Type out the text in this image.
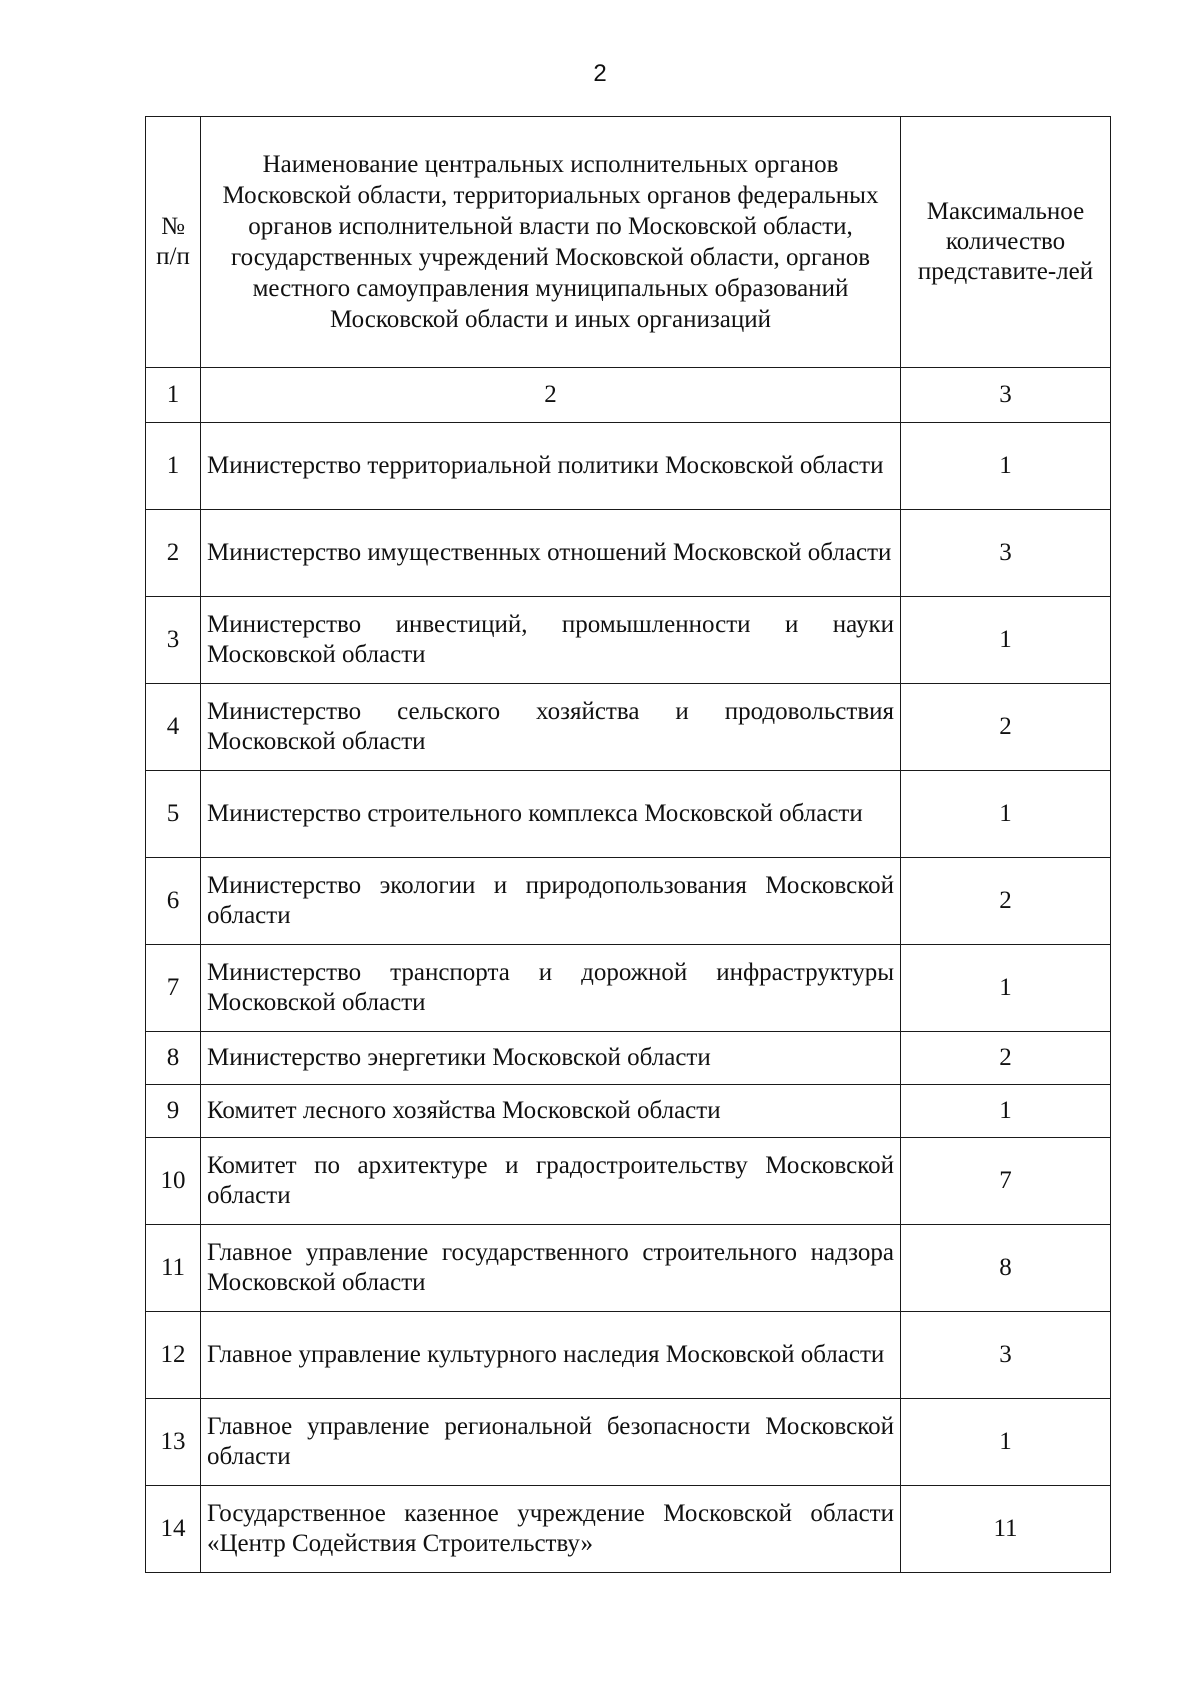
2
№ п/п	Наименование центральных исполнительных органов Московской области, территориальных органов федеральных органов исполнительной власти по Московской области, государственных учреждений Московской области, органов местного самоуправления муниципальных образований Московской области и иных организаций	Максимальное количество представите-лей
1	2	3
1	Министерство территориальной политики Московской области	1
2	Министерство имущественных отношений Московской области	3
3	Министерство инвестиций, промышленности и науки Московской области	1
4	Министерство сельского хозяйства и продовольствия Московской области	2
5	Министерство строительного комплекса Московской области	1
6	Министерство экологии и природопользования Московской области	2
7	Министерство транспорта и дорожной инфраструктуры Московской области	1
8	Министерство энергетики Московской области	2
9	Комитет лесного хозяйства Московской области	1
10	Комитет по архитектуре и градостроительству Московской области	7
11	Главное управление государственного строительного надзора Московской области	8
12	Главное управление культурного наследия Московской области	3
13	Главное управление региональной безопасности Московской области	1
14	Государственное казенное учреждение Московской области «Центр Содействия Строительству»	11
